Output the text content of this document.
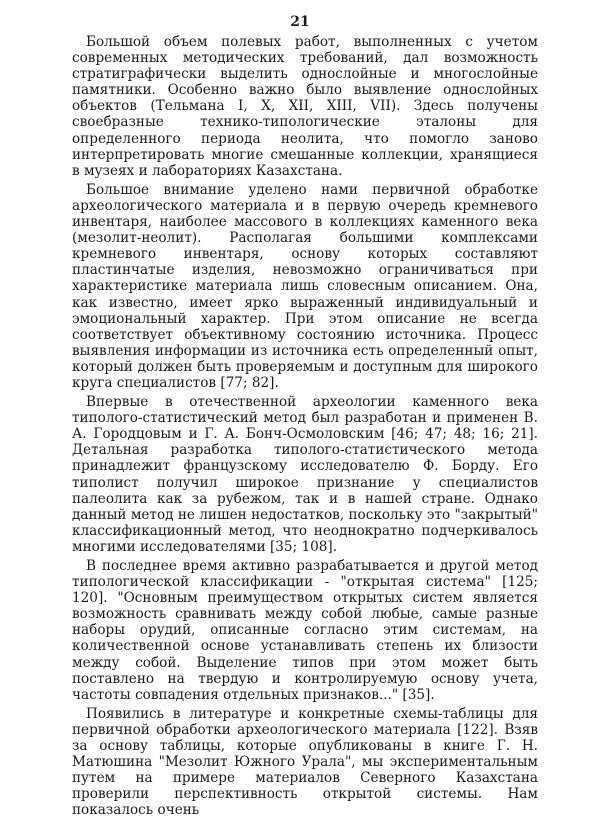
21

Большой объем полевых работ, выполненных с учетом современных методических требований, дал возможность стратиграфически выделить однослойные и многослойные памятники. Особенно важно было выявление однослойных объектов (Тельмана I, X, XII, XIII, VII). Здесь получены своебразные технико-типологические эталоны для определенного периода неолита, что помогло заново интерпретировать многие смешанные коллекции, хранящиеся в музеях и лабораториях Казахстана.

Большое внимание уделено нами первичной обработке археологического материала и в первую очередь кремневого инвентаря, наиболее массового в коллекциях каменного века (мезолит-неолит). Располагая большими комплексами кремневого инвентаря, основу которых составляют пластинчатые изделия, невозможно ограничиваться при характеристике материала лишь словесным описанием. Она, как известно, имеет ярко выраженный индивидуальный и эмоциональный характер. При этом описание не всегда соответствует объективному состоянию источника. Процесс выявления информации из источника есть определенный опыт, который должен быть проверяемым и доступным для широкого круга специалистов [77; 82].

Впервые в отечественной археологии каменного века типолого-статистический метод был разработан и применен В. А. Городцовым и Г. А. Бонч-Осмоловским [46; 47; 48; 16; 21]. Детальная разработка типолого-статистического метода принадлежит французскому исследователю Ф. Борду. Его типолист получил широкое признание у специалистов палеолита как за рубежом, так и в нашей стране. Однако данный метод не лишен недостатков, поскольку это "закрытый" классификационный метод, что неоднократно подчеркивалось многими исследователями [35; 108].

В последнее время активно разрабатывается и другой метод типологической классификации - "открытая система" [125; 120]. "Основным преимуществом открытых систем является возможность сравнивать между собой любые, самые разные наборы орудий, описанные согласно этим системам, на количественной основе устанавливать степень их близости между собой. Выделение типов при этом может быть поставлено на твердую и контролируемую основу учета, частоты совпадения отдельных признаков..." [35].

Появились в литературе и конкретные схемы-таблицы для первичной обработки археологического материала [122]. Взяв за основу таблицы, которые опубликованы в книге Г. Н. Матюшина "Мезолит Южного Урала", мы экспериментальным путем на примере материалов Северного Казахстана проверили перспективность открытой системы. Нам показалось очень
